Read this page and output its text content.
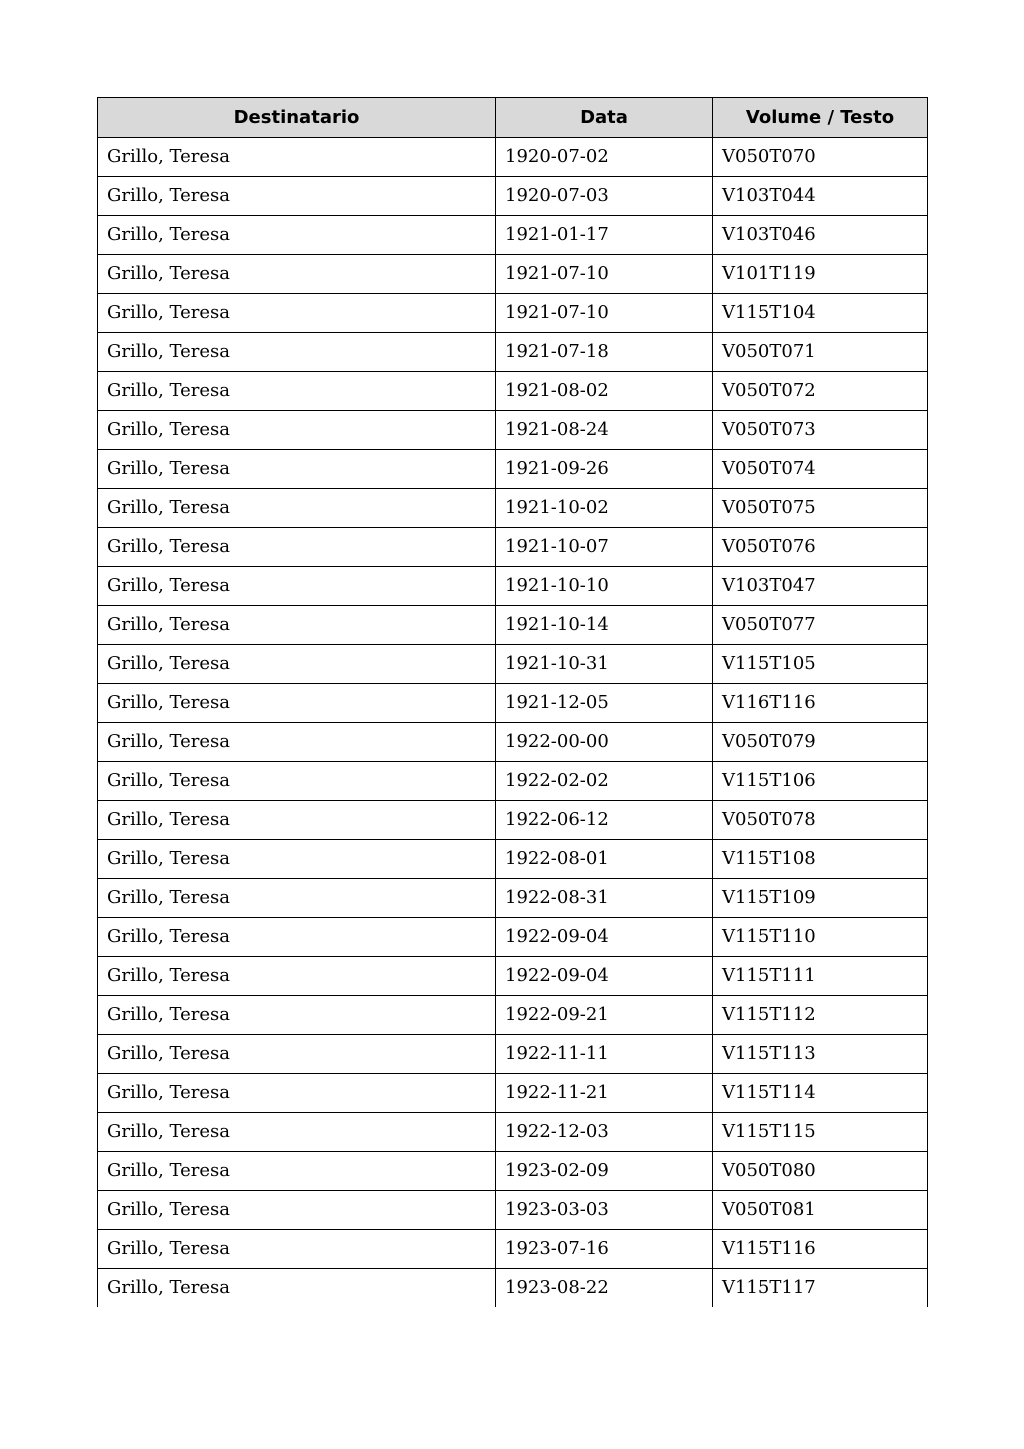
Destinatario	Data	Volume / Testo
Grillo, Teresa	1920-07-02	V050T070
Grillo, Teresa	1920-07-03	V103T044
Grillo, Teresa	1921-01-17	V103T046
Grillo, Teresa	1921-07-10	V101T119
Grillo, Teresa	1921-07-10	V115T104
Grillo, Teresa	1921-07-18	V050T071
Grillo, Teresa	1921-08-02	V050T072
Grillo, Teresa	1921-08-24	V050T073
Grillo, Teresa	1921-09-26	V050T074
Grillo, Teresa	1921-10-02	V050T075
Grillo, Teresa	1921-10-07	V050T076
Grillo, Teresa	1921-10-10	V103T047
Grillo, Teresa	1921-10-14	V050T077
Grillo, Teresa	1921-10-31	V115T105
Grillo, Teresa	1921-12-05	V116T116
Grillo, Teresa	1922-00-00	V050T079
Grillo, Teresa	1922-02-02	V115T106
Grillo, Teresa	1922-06-12	V050T078
Grillo, Teresa	1922-08-01	V115T108
Grillo, Teresa	1922-08-31	V115T109
Grillo, Teresa	1922-09-04	V115T110
Grillo, Teresa	1922-09-04	V115T111
Grillo, Teresa	1922-09-21	V115T112
Grillo, Teresa	1922-11-11	V115T113
Grillo, Teresa	1922-11-21	V115T114
Grillo, Teresa	1922-12-03	V115T115
Grillo, Teresa	1923-02-09	V050T080
Grillo, Teresa	1923-03-03	V050T081
Grillo, Teresa	1923-07-16	V115T116
Grillo, Teresa	1923-08-22	V115T117
